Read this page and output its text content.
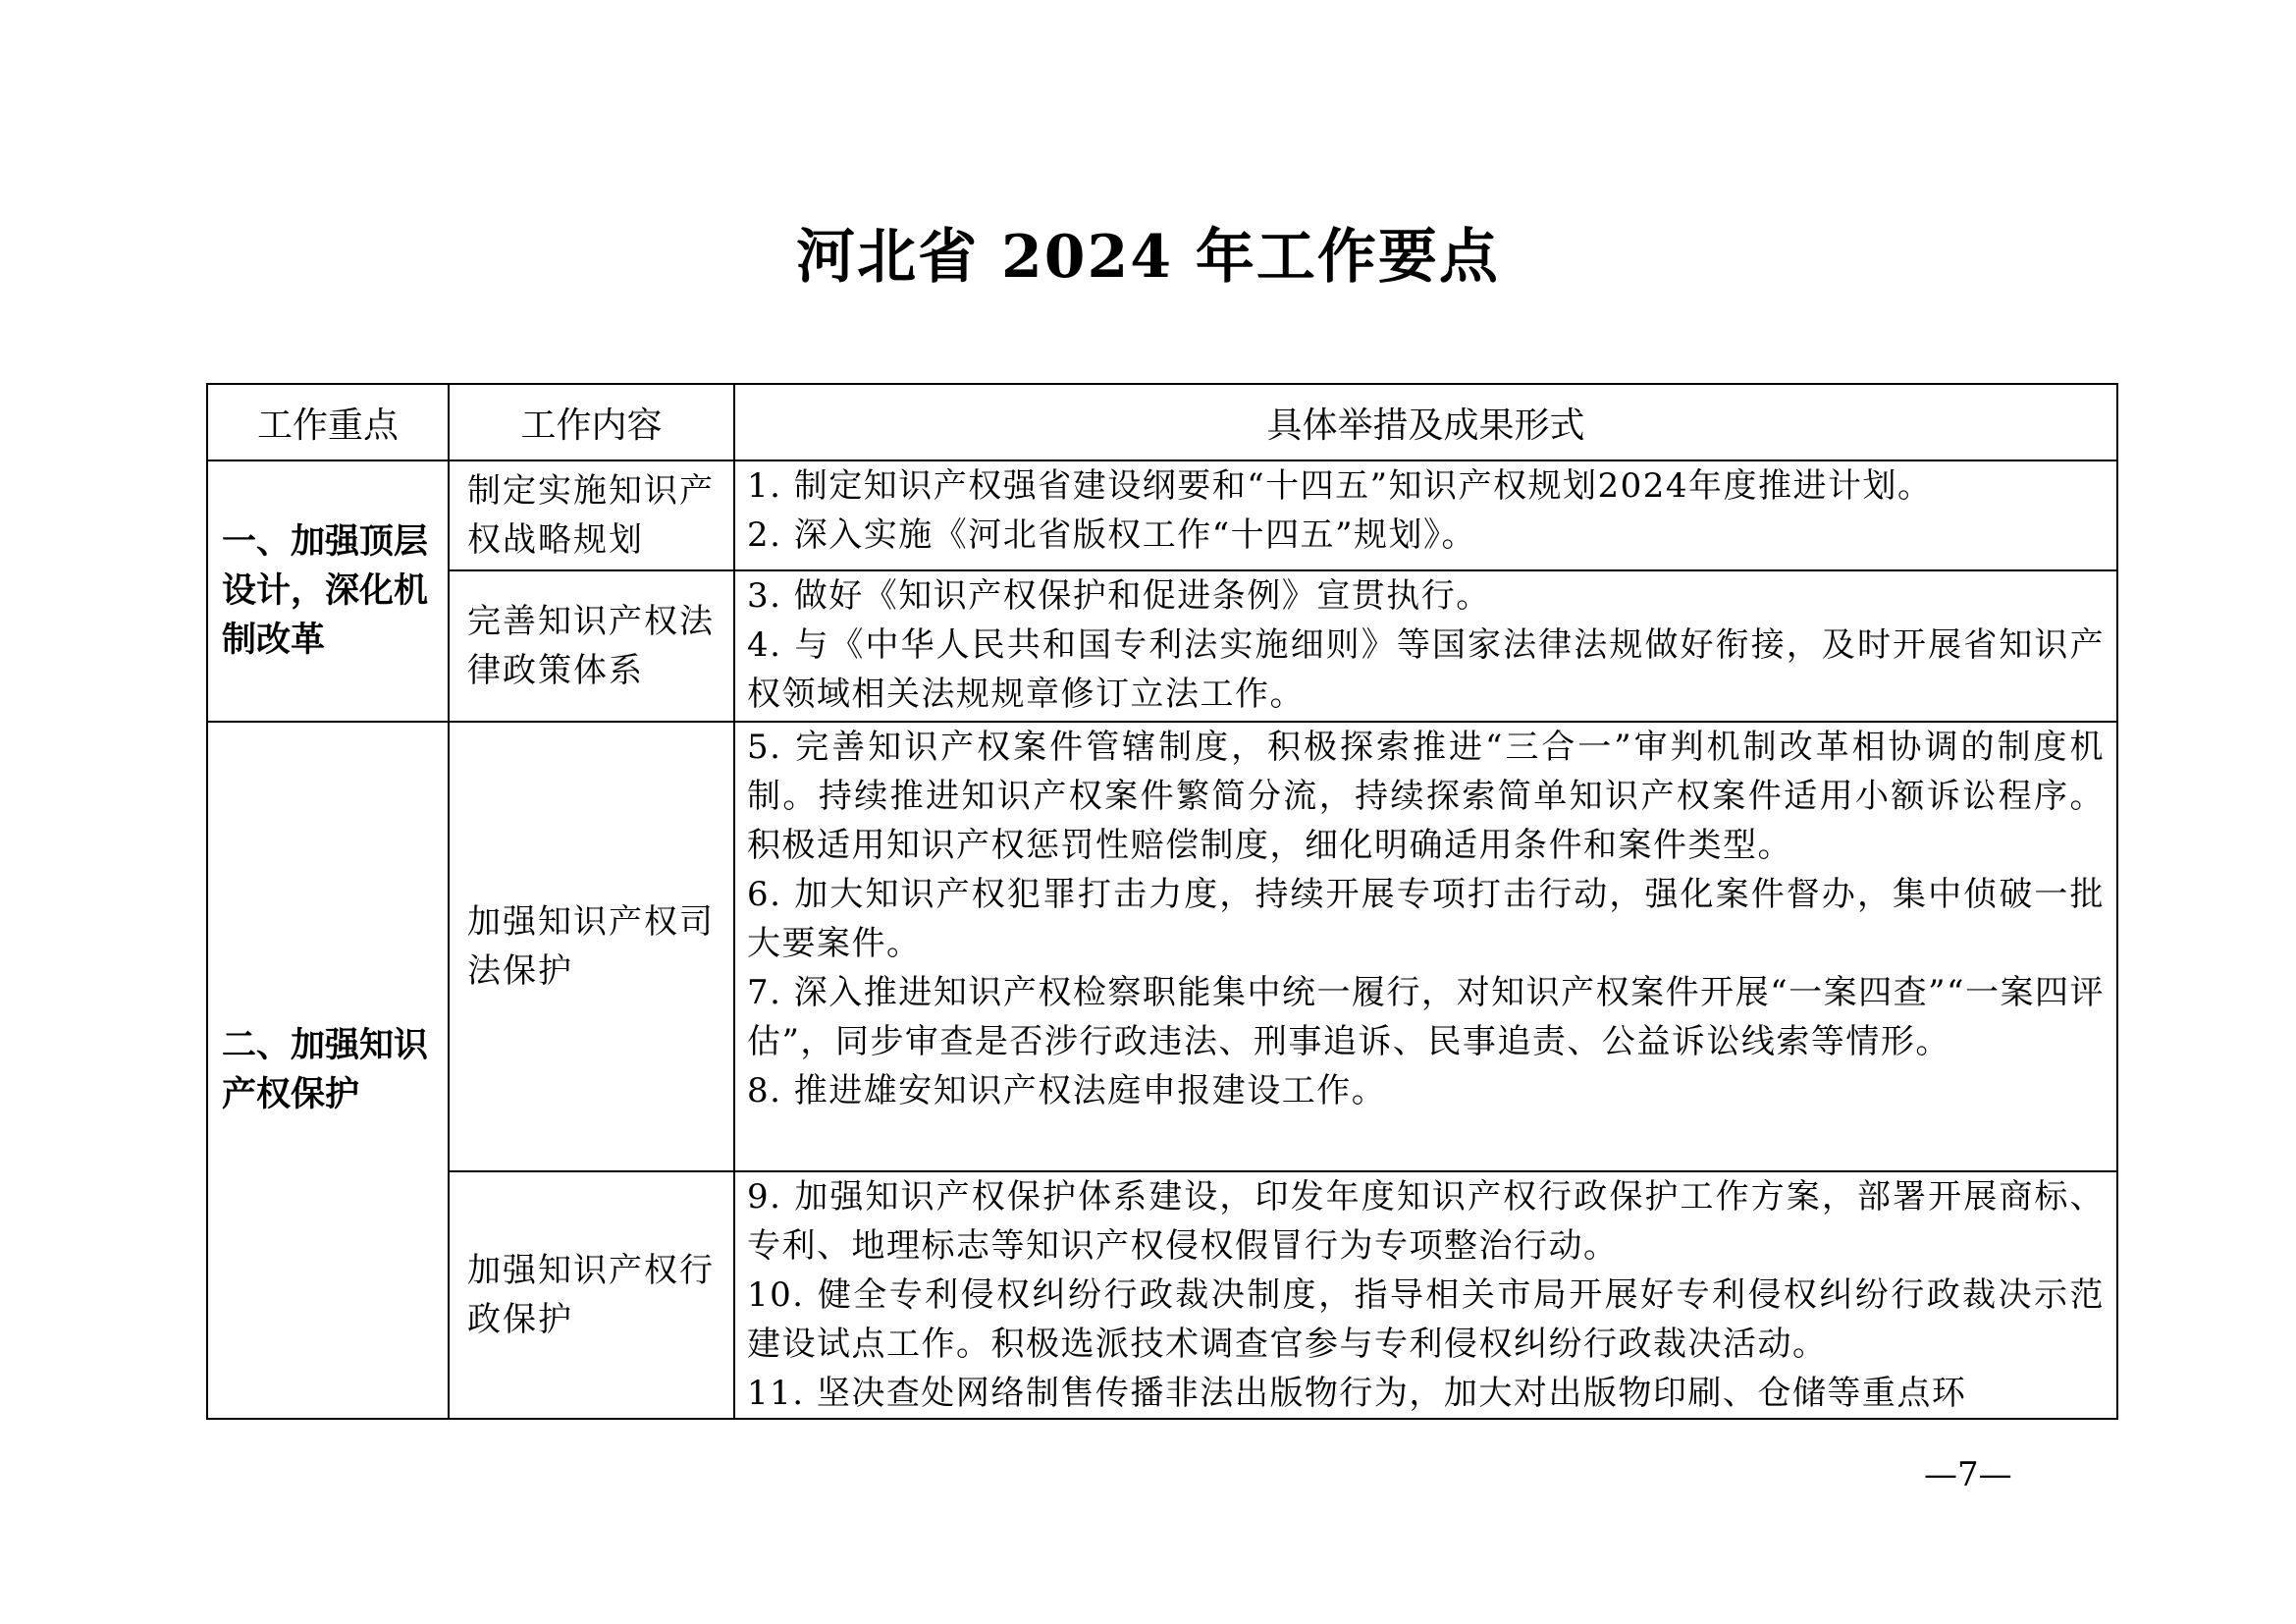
河北省 2024 年工作要点
工作重点	工作内容	具体举措及成果形式
一、加强顶层设计，深化机制改革	制定实施知识产权战略规划	1. 制定知识产权强省建设纲要和“十四五”知识产权规划2024年度推进计划。
2. 深入实施《河北省版权工作“十四五”规划》。

	完善知识产权法律政策体系	3. 做好《知识产权保护和促进条例》宣贯执行。
4. 与《中华人民共和国专利法实施细则》等国家法律法规做好衔接，及时开展省知识产权领域相关法规规章修订立法工作。

二、加强知识产权保护	加强知识产权司法保护	5. 完善知识产权案件管辖制度，积极探索推进“三合一”审判机制改革相协调的制度机制。持续推进知识产权案件繁简分流，持续探索简单知识产权案件适用小额诉讼程序。积极适用知识产权惩罚性赔偿制度，细化明确适用条件和案件类型。
6. 加大知识产权犯罪打击力度，持续开展专项打击行动，强化案件督办，集中侦破一批大要案件。
7. 深入推进知识产权检察职能集中统一履行，对知识产权案件开展“一案四查”“一案四评估”，同步审查是否涉行政违法、刑事追诉、民事追责、公益诉讼线索等情形。
8. 推进雄安知识产权法庭申报建设工作。

	加强知识产权行政保护	9. 加强知识产权保护体系建设，印发年度知识产权行政保护工作方案，部署开展商标、专利、地理标志等知识产权侵权假冒行为专项整治行动。
10. 健全专利侵权纠纷行政裁决制度，指导相关市局开展好专利侵权纠纷行政裁决示范建设试点工作。积极选派技术调查官参与专利侵权纠纷行政裁决活动。
11. 坚决查处网络制售传播非法出版物行为，加大对出版物印刷、仓储等重点环
—7—
